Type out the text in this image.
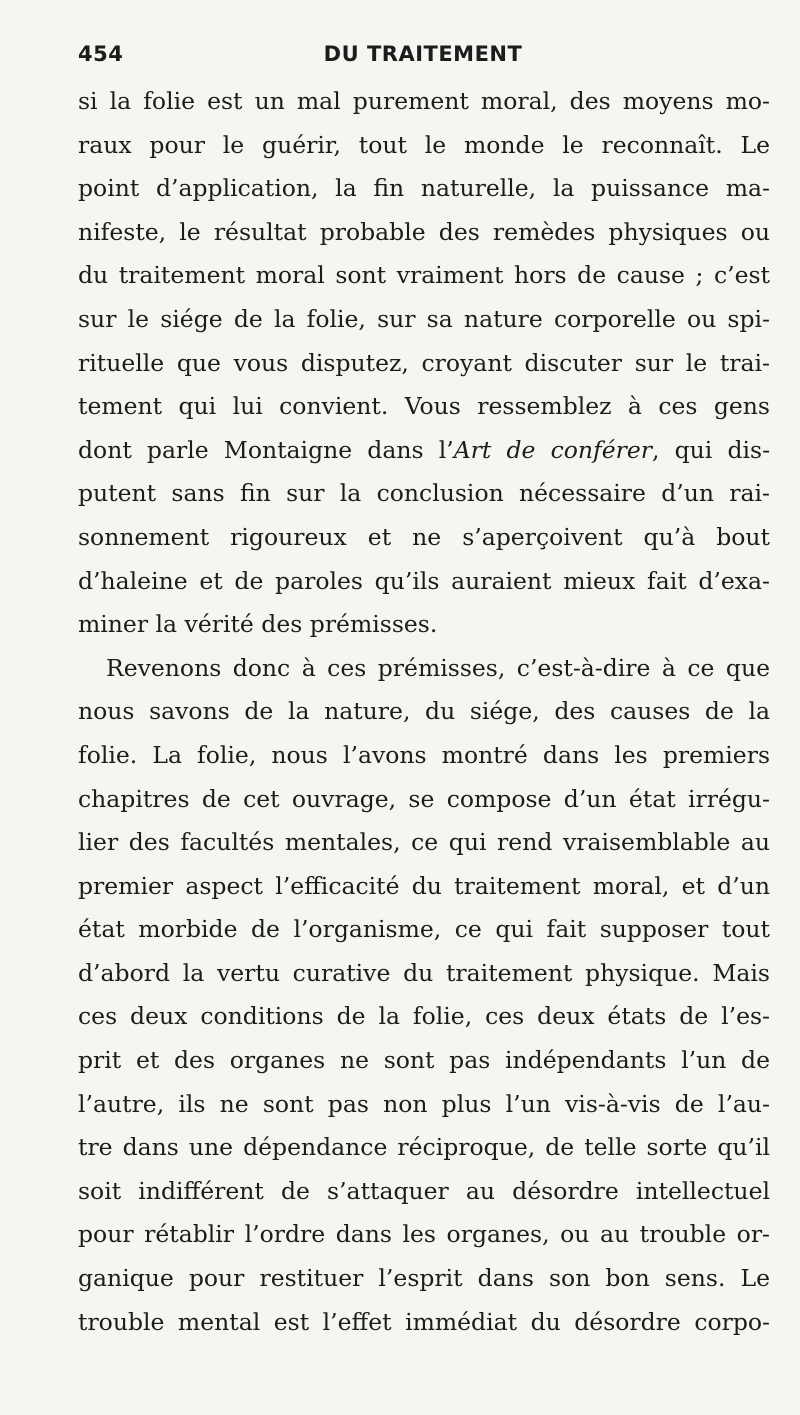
454	DU TRAITEMENT
si la folie est un mal purement moral, des moyens mo-
raux pour le guérir, tout le monde le reconnaît. Le
point d’application, la fin naturelle, la puissance ma-
nifeste, le résultat probable des remèdes physiques ou
du traitement moral sont vraiment hors de cause ; c’est
sur le siége de la folie, sur sa nature corporelle ou spi-
rituelle que vous disputez, croyant discuter sur le trai-
tement qui lui convient. Vous ressemblez à ces gens
dont parle Montaigne dans l’Art de conférer, qui dis-
putent sans fin sur la conclusion nécessaire d’un rai-
sonnement rigoureux et ne s’aperçoivent qu’à bout
d’haleine et de paroles qu’ils auraient mieux fait d’exa-
miner la vérité des prémisses.
Revenons donc à ces prémisses, c’est-à-dire à ce que
nous savons de la nature, du siége, des causes de la
folie. La folie, nous l’avons montré dans les premiers
chapitres de cet ouvrage, se compose d’un état irrégu-
lier des facultés mentales, ce qui rend vraisemblable au
premier aspect l’efficacité du traitement moral, et d’un
état morbide de l’organisme, ce qui fait supposer tout
d’abord la vertu curative du traitement physique. Mais
ces deux conditions de la folie, ces deux états de l’es-
prit et des organes ne sont pas indépendants l’un de
l’autre, ils ne sont pas non plus l’un vis-à-vis de l’au-
tre dans une dépendance réciproque, de telle sorte qu’il
soit indifférent de s’attaquer au désordre intellectuel
pour rétablir l’ordre dans les organes, ou au trouble or-
ganique pour restituer l’esprit dans son bon sens. Le
trouble mental est l’effet immédiat du désordre corpo-
